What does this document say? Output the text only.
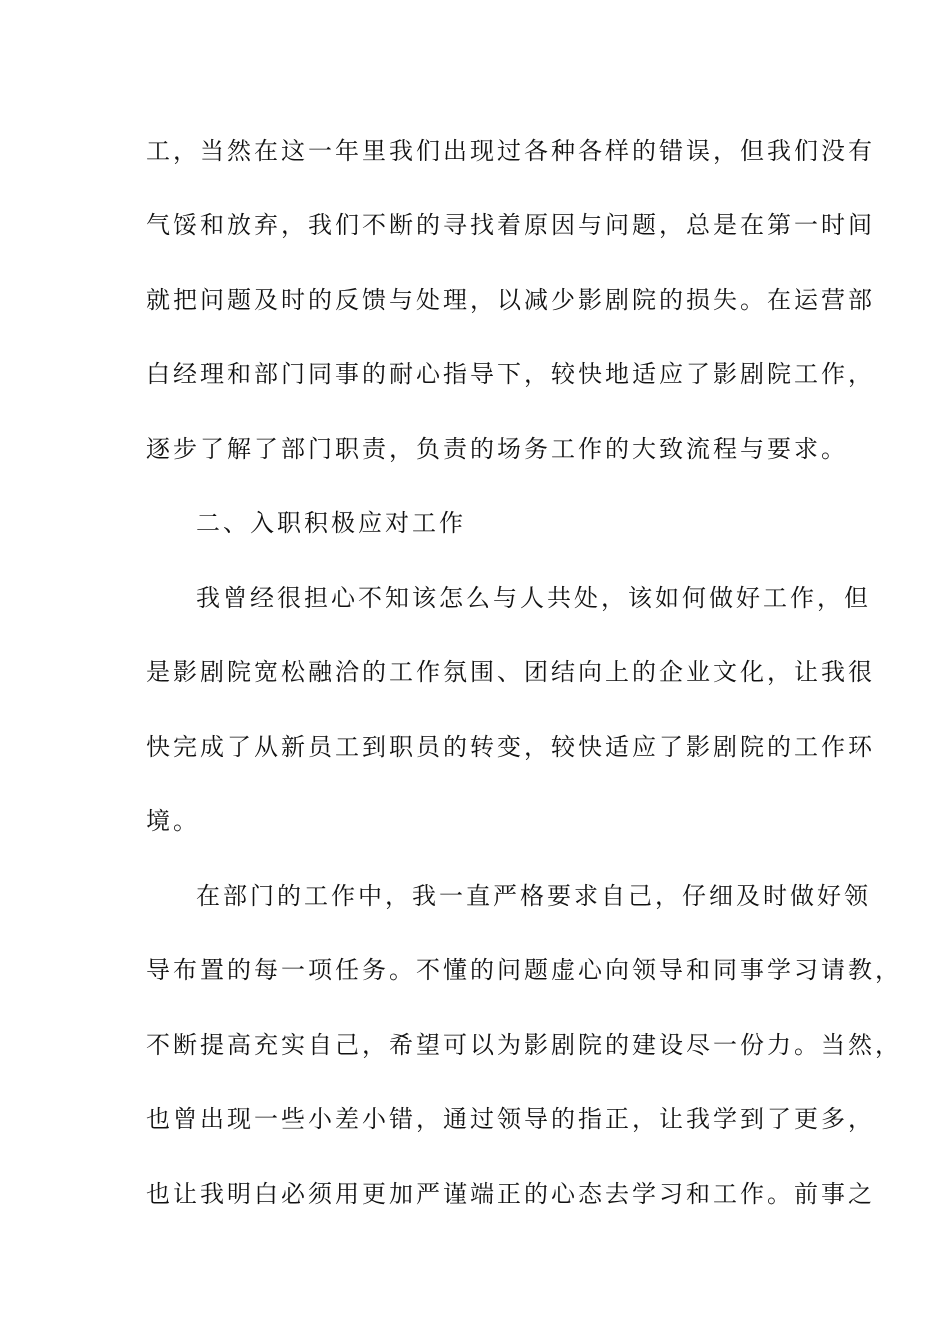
工，当然在这一年里我们出现过各种各样的错误，但我们没有
气馁和放弃，我们不断的寻找着原因与问题，总是在第一时间
就把问题及时的反馈与处理，以减少影剧院的损失。在运营部
白经理和部门同事的耐心指导下，较快地适应了影剧院工作，
逐步了解了部门职责，负责的场务工作的大致流程与要求。
二、入职积极应对工作
我曾经很担心不知该怎么与人共处，该如何做好工作，但
是影剧院宽松融洽的工作氛围、团结向上的企业文化，让我很
快完成了从新员工到职员的转变，较快适应了影剧院的工作环
境。
在部门的工作中，我一直严格要求自己，仔细及时做好领
导布置的每一项任务。不懂的问题虚心向领导和同事学习请教，
不断提高充实自己，希望可以为影剧院的建设尽一份力。当然，
也曾出现一些小差小错，通过领导的指正，让我学到了更多，
也让我明白必须用更加严谨端正的心态去学习和工作。前事之
